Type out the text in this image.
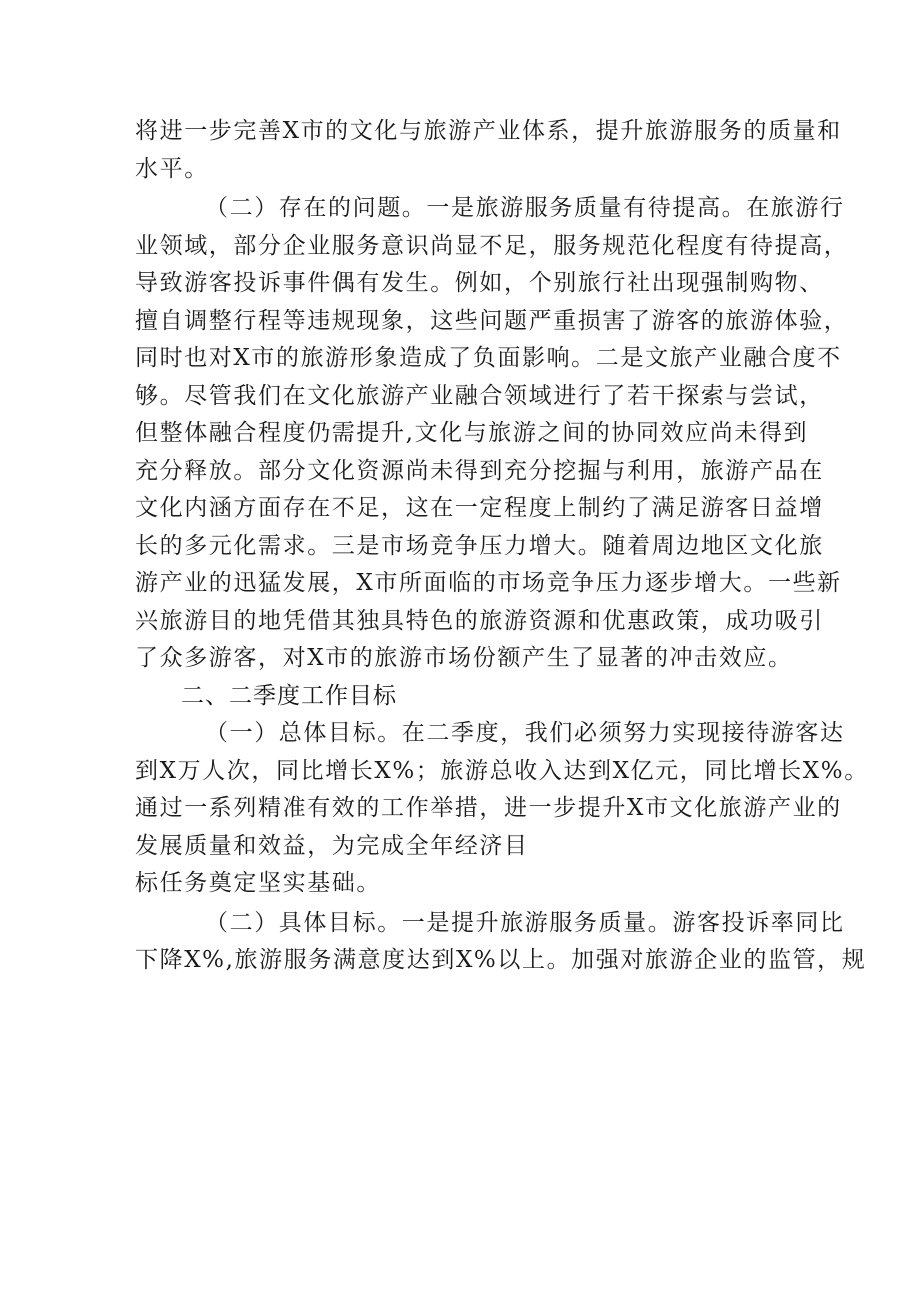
将进一步完善X市的文化与旅游产业体系，提升旅游服务的质量和
水平。
（二）存在的问题。一是旅游服务质量有待提高。在旅游行
业领域，部分企业服务意识尚显不足，服务规范化程度有待提高，
导致游客投诉事件偶有发生。例如，个别旅行社出现强制购物、
擅自调整行程等违规现象，这些问题严重损害了游客的旅游体验，
同时也对X市的旅游形象造成了负面影响。二是文旅产业融合度不
够。尽管我们在文化旅游产业融合领域进行了若干探索与尝试，
但整体融合程度仍需提升,文化与旅游之间的协同效应尚未得到
充分释放。部分文化资源尚未得到充分挖掘与利用，旅游产品在
文化内涵方面存在不足，这在一定程度上制约了满足游客日益增
长的多元化需求。三是市场竞争压力增大。随着周边地区文化旅
游产业的迅猛发展，X市所面临的市场竞争压力逐步增大。一些新
兴旅游目的地凭借其独具特色的旅游资源和优惠政策，成功吸引
了众多游客，对X市的旅游市场份额产生了显著的冲击效应。
二、二季度工作目标
（一）总体目标。在二季度，我们必须努力实现接待游客达
到X万人次，同比增长X%；旅游总收入达到X亿元，同比增长X%。
通过一系列精准有效的工作举措，进一步提升X市文化旅游产业的
发展质量和效益，为完成全年经济目
标任务奠定坚实基础。
（二）具体目标。一是提升旅游服务质量。游客投诉率同比
下降X%,旅游服务满意度达到X%以上。加强对旅游企业的监管，规
